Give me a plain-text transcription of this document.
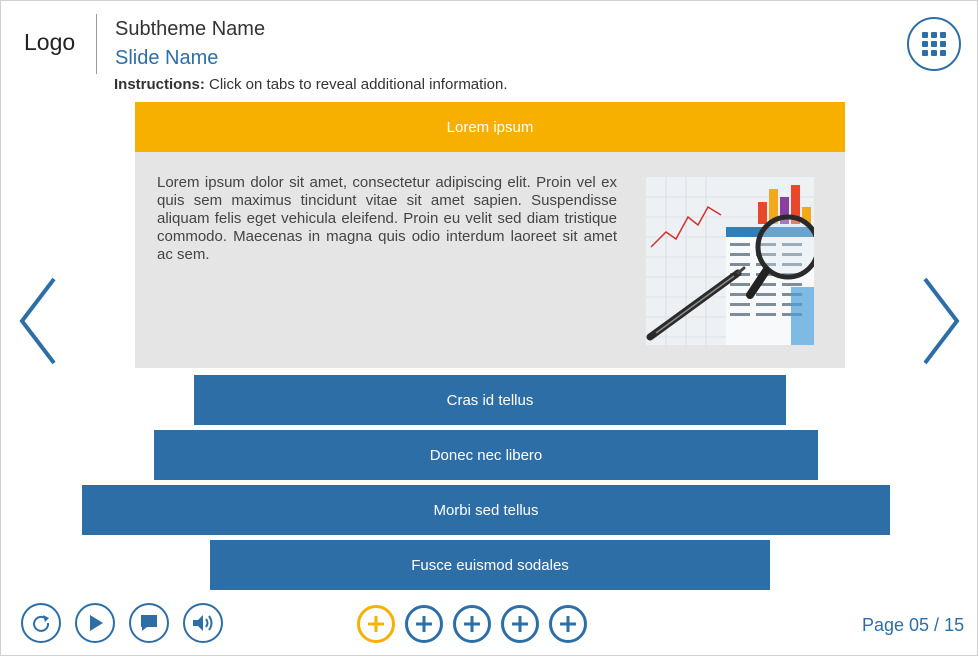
Logo Subtheme Name
Slide Name
Instructions: Click on tabs to reveal additional information.
Lorem ipsum
Lorem ipsum dolor sit amet, consectetur adipiscing elit. Proin vel ex quis sem maximus tincidunt vitae sit amet sapien. Suspendisse aliquam felis eget vehicula eleifend. Proin eu velit sed diam tristique commodo. Maecenas in magna quis odio interdum laoreet sit amet ac sem.
Cras id tellus
Donec nec libero
Morbi sed tellus
Fusce euismod sodales
Page 05 / 15
